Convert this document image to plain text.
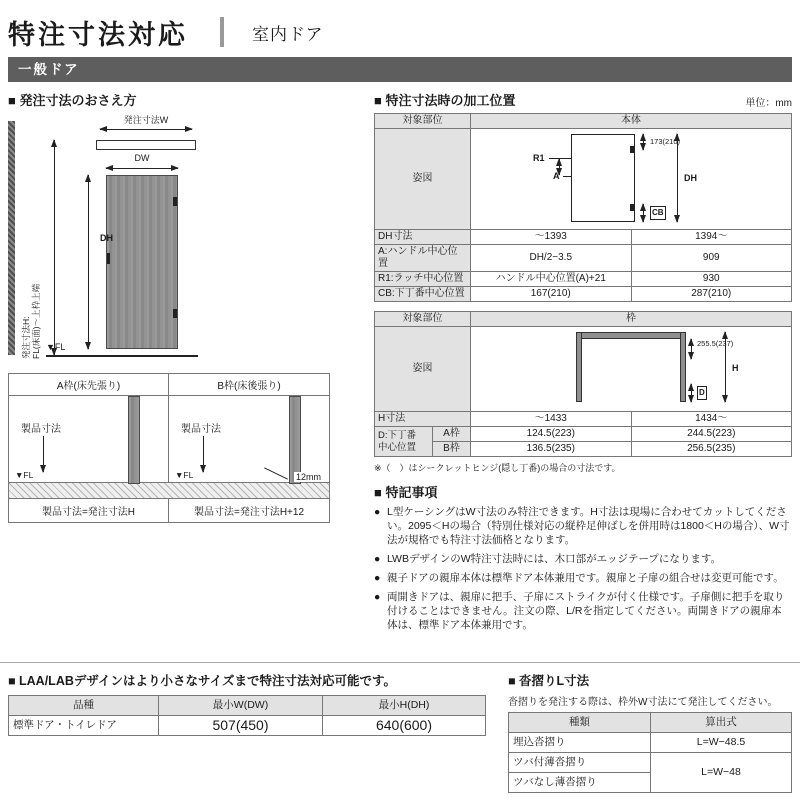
特注寸法対応	室内ドア
一般ドア
■ 発注寸法のおさえ方
発注寸法H: FL(床面)〜上枠上端
発注寸法W
DW
DH
▼FL
A枠(床先張り)
製品寸法
▼FL
B枠(床後張り)
製品寸法
▼FL	12mm
製品寸法=発注寸法H	製品寸法=発注寸法H+12
■ 特注寸法時の加工位置	単位：mm
対象部位	本体	
姿図	173(210)
DH
R1
A
CB	

DH寸法	〜1393	1394〜
A:ハンドル中心位置	DH/2−3.5	909
R1:ラッチ中心位置	ハンドル中心位置(A)+21	930
CB:下丁番中心位置	167(210)	287(210)
対象部位		枠	
姿図		255.5(237)
H
D	

H寸法		〜1433	1434〜

D:下丁番
中心位置	A枠	124.5(223)	244.5(223)
	B枠	136.5(235)	256.5(235)
※（　）はシークレットヒンジ(隠し丁番)の場合の寸法です。
■ 特記事項
● L型ケーシングはW寸法のみ特注できます。H寸法は現場に合わせてカットしてください。2095＜Hの場合（特別仕様対応の縦枠足伸ばしを併用時は1800＜Hの場合）、W寸法が規格でも特注寸法価格となります。
● LWBデザインのW特注寸法時には、木口部がエッジテープになります。
● 親子ドアの親扉本体は標準ドア本体兼用です。親扉と子扉の組合せは変更可能です。
● 両開きドアは、親扉に把手、子扉にストライクが付く仕様です。子扉側に把手を取り付けることはできません。注文の際、L/Rを指定してください。両開きドアの親扉本体は、標準ドア本体兼用です。
■ LAA/LABデザインはより小さなサイズまで特注寸法対応可能です。
品種	最小W(DW)	最小H(DH)
標準ドア・トイレドア	507(450)	640(600)
■ 沓摺りL寸法
沓摺りを発注する際は、枠外W寸法にて発注してください。
種類	算出式
埋込沓摺り	L=W−48.5
ツバ付薄沓摺り	L=W−48
ツバなし薄沓摺り	
